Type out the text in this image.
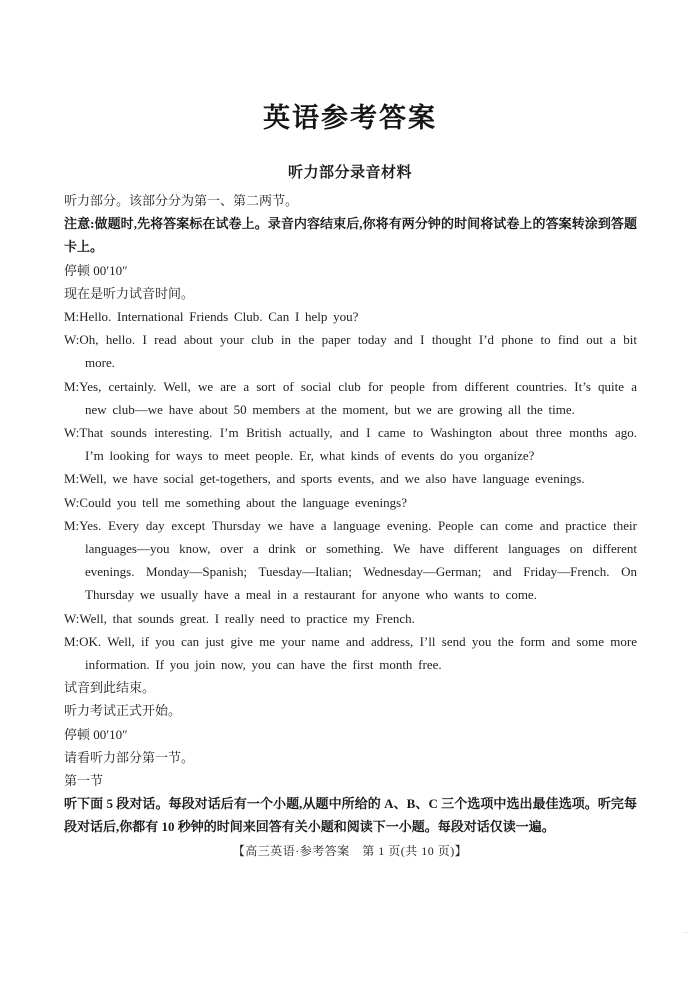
英语参考答案
听力部分录音材料
听力部分。该部分分为第一、第二两节。
注意:做题时,先将答案标在试卷上。录音内容结束后,你将有两分钟的时间将试卷上的答案转涂到答题卡上。
停顿 00′10″
现在是听力试音时间。
M:Hello. International Friends Club. Can I help you?
W:Oh, hello. I read about your club in the paper today and I thought I’d phone to find out a bit more.
M:Yes, certainly. Well, we are a sort of social club for people from different countries. It’s quite a new club—we have about 50 members at the moment, but we are growing all the time.
W:That sounds interesting. I’m British actually, and I came to Washington about three months ago. I’m looking for ways to meet people. Er, what kinds of events do you organize?
M:Well, we have social get-togethers, and sports events, and we also have language evenings.
W:Could you tell me something about the language evenings?
M:Yes. Every day except Thursday we have a language evening. People can come and practice their languages—you know, over a drink or something. We have different languages on different evenings. Monday—Spanish; Tuesday—Italian; Wednesday—German; and Friday—French. On Thursday we usually have a meal in a restaurant for anyone who wants to come.
W:Well, that sounds great. I really need to practice my French.
M:OK. Well, if you can just give me your name and address, I’ll send you the form and some more information. If you join now, you can have the first month free.
试音到此结束。
听力考试正式开始。
停顿 00′10″
请看听力部分第一节。
第一节
听下面 5 段对话。每段对话后有一个小题,从题中所给的 A、B、C 三个选项中选出最佳选项。听完每段对话后,你都有 10 秒钟的时间来回答有关小题和阅读下一小题。每段对话仅读一遍。
【高三英语·参考答案　第 1 页(共 10 页)】
‥
